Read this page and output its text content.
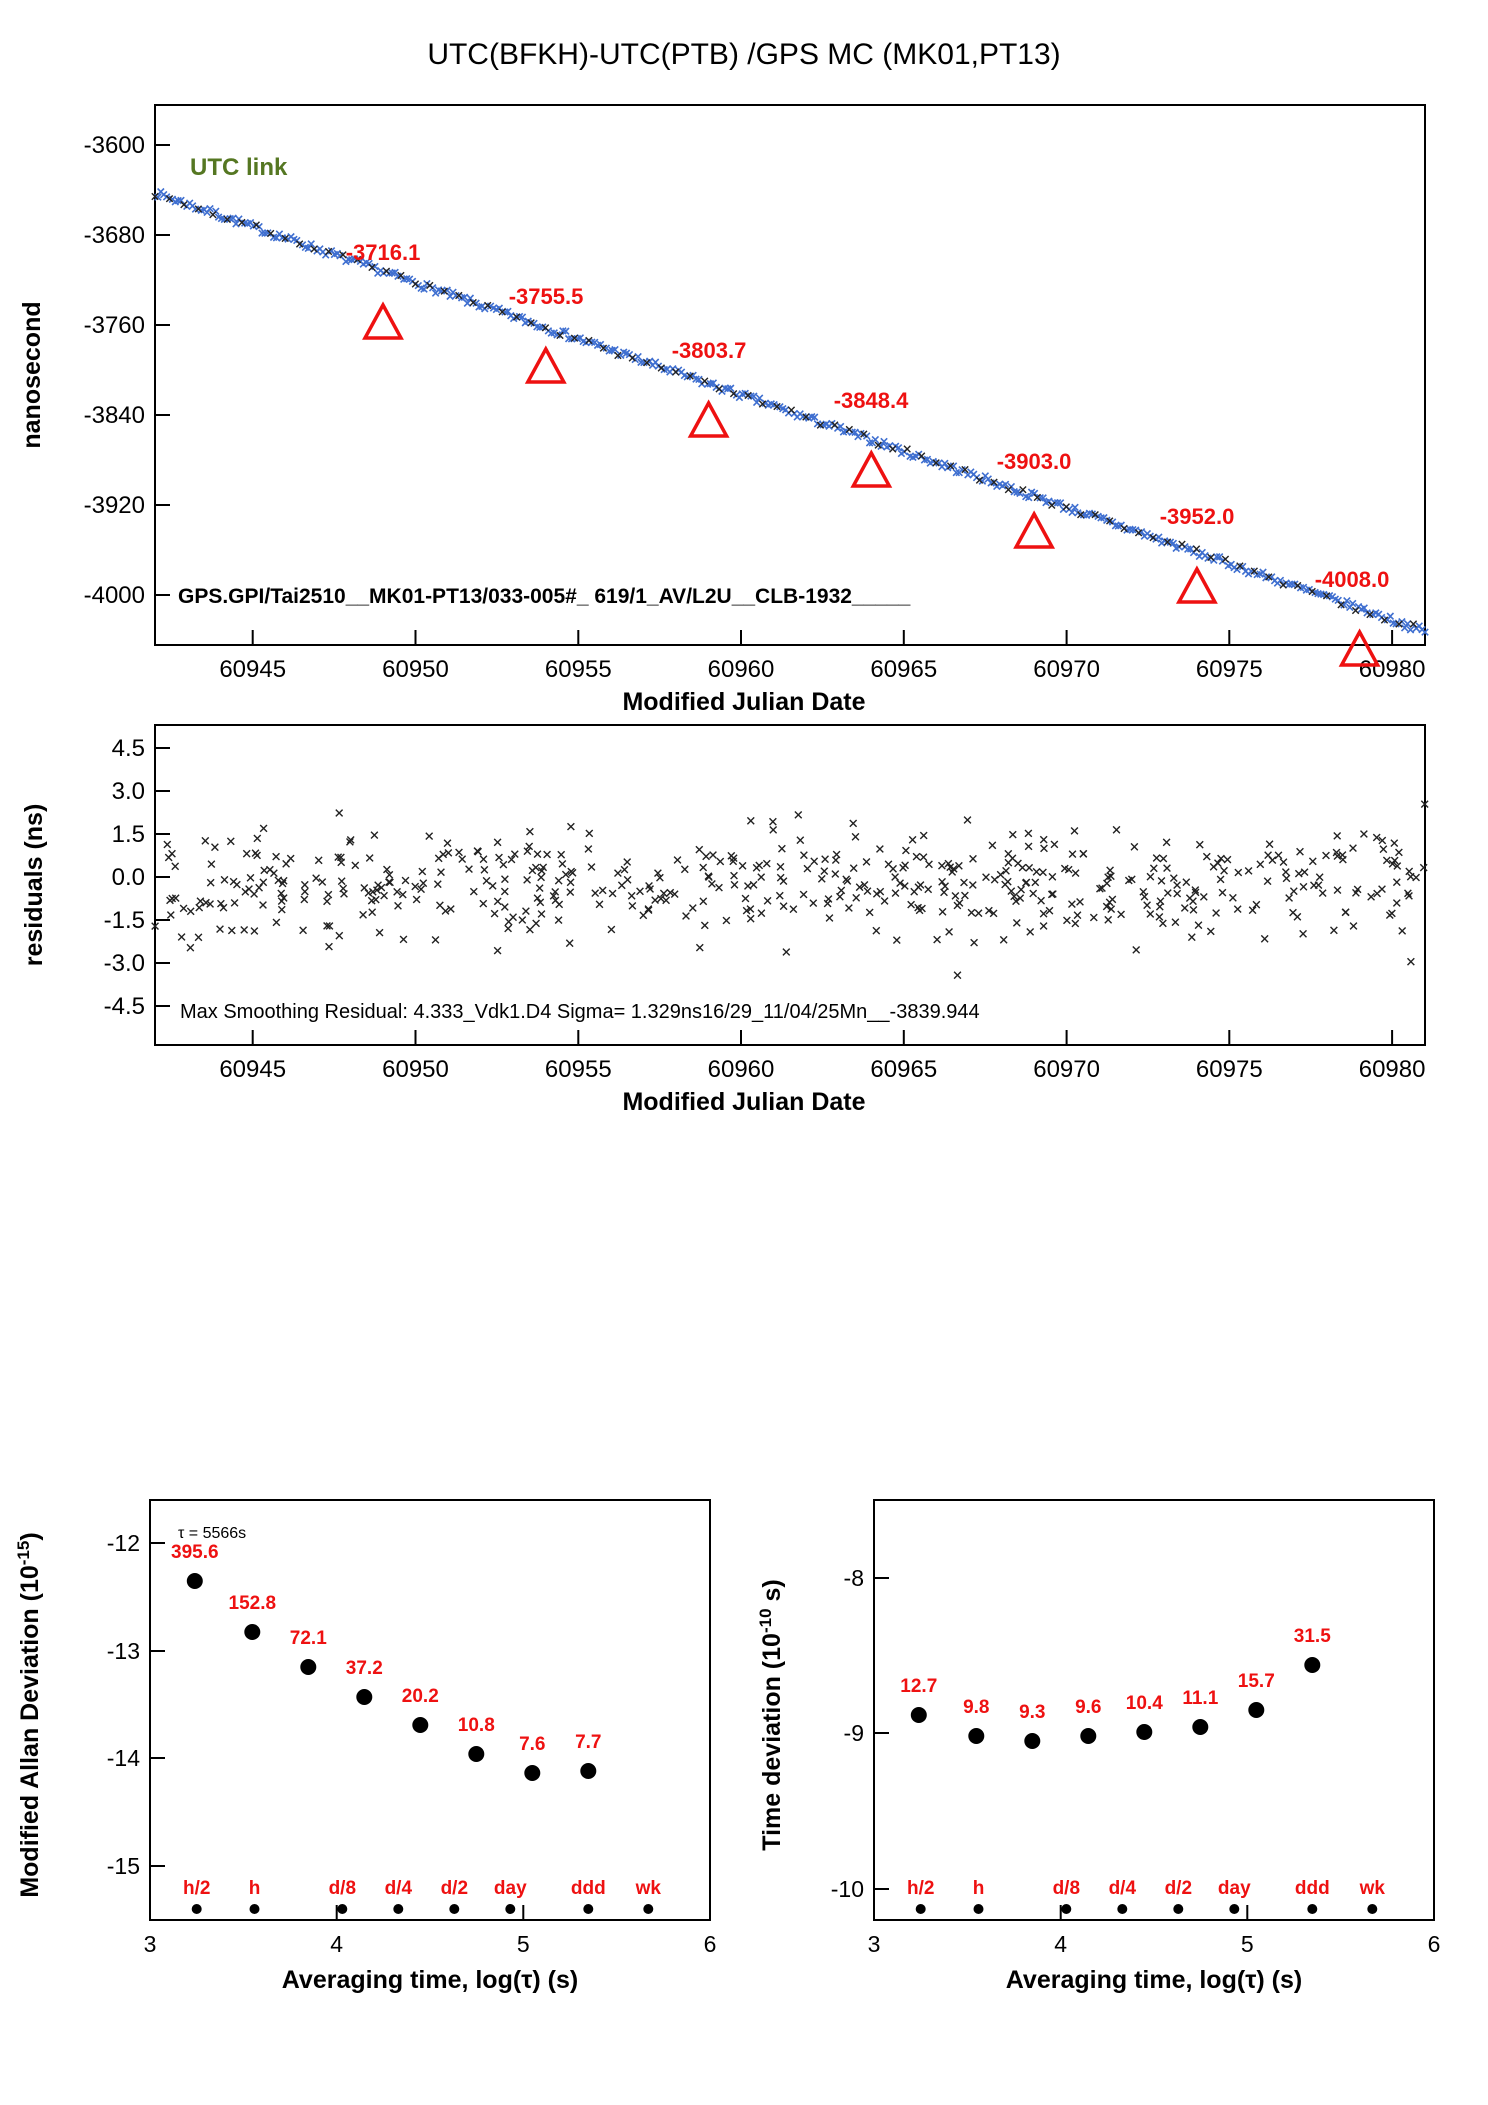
UTC(BFKH)-UTC(PTB) /GPS MC (MK01,PT13)
-3600
-3680
-3760
-3840
-3920
-4000
60945	60950	60955	60960	60965	60970	60975	60980
UTC link
-3716.1
-3755.5
-3803.7
-3848.4
-3903.0
-3952.0
-4008.0
GPS.GPI/Tai2510__MK01-PT13/033-005#_ 619/1_AV/L2U__CLB-1932_____
Modified Julian Date
nanosecond
4.5
3.0
1.5
0.0
-1.5
-3.0
-4.5
60945	60950	60955	60960	60965	60970	60975	60980
Max Smoothing Residual: 4.333_Vdk1.D4 Sigma= 1.329ns16/29_11/04/25Mn__-3839.944
Modified Julian Date
residuals (ns)
-12
-13
-14
-15
3	4	5	6
τ = 5566s
395.6
152.8
72.1
37.2
20.2
10.8
7.6 7.7
h/2 h	d/8 d/4 d/2 day ddd wk
Averaging time, log(τ) (s)
Modified Allan Deviation $(10^{-15})$
-8
-9
-10
3	4	5	6
12.7
9.8 9.3 9.6 10.4 11.1
15.7
31.5
h/2 h	d/8 d/4 d/2 day ddd wk
Averaging time, log(τ) (s)
Time deviation ($10^{-10}$ s)
